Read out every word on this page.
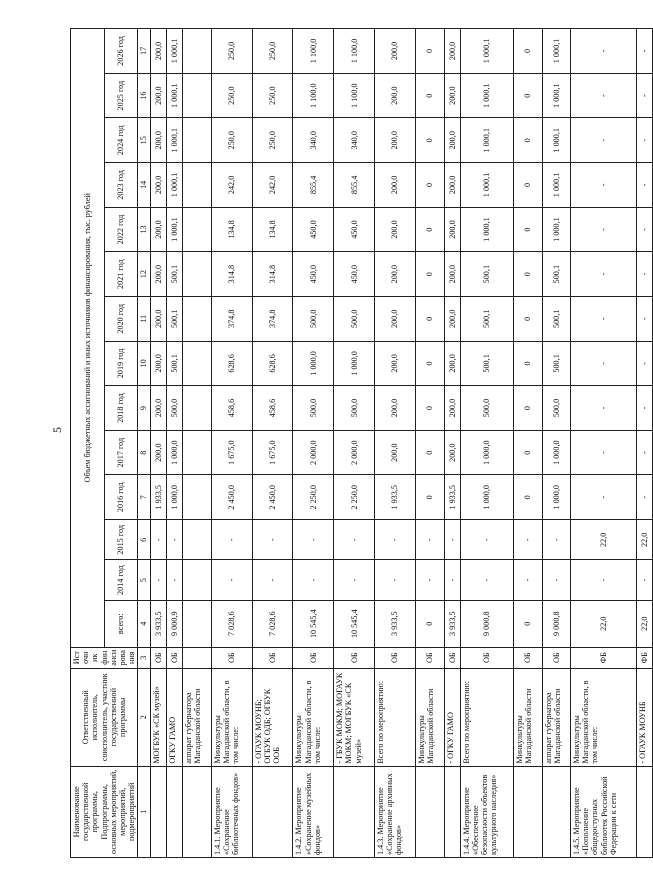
5
Наименование государственной программы, Подпрограммы, основных мероприятий, мероприятий, подмероприятий	Ответственный исполнитель, соисполнитель, участник государственной программы	Источник финансирования	Объем бюджетных ассигнований и иных источников финансирования, тыс. рублей													
			всего:	2014 год	2015 год	2016 год	2017 год	2018 год	2019 год	2020 год	2021 год	2022 год	2023 год	2024 год	2025 год	2026 год
1	2	3	4	5	6	7	8	9	10	11	12	13	14	15	16	17
	МОГБУК «СК музей»	ОБ	3 933,5	-	-	1 933,5	200,0	200,0	200,0	200,0	200,0	200,0	200,0	200,0	200,0	200,0
	ОГКУ ГАМО	ОБ	9 000,9	-	-	1 000,0	1 000,0	500,0	500,1	500,1	500,1	1 000,1	1 000,1	1 000,1	1 000,1	1 000,1
	аппарат губернатора Магаданской области															
1.4.1. Мероприятие «Сохранение библиотечных фондов»	Минкультуры Магаданской области, в том числе:	ОБ	7 028,6	-	-	2 450,0	1 675,0	458,6	628,6	374,8	314,8	134,8	242,0	250,0	250,0	250,0
	- ОГАУК МОУНБ; ОГБУК ОДБ; ОГБУК ООБ	ОБ	7 028,6	-	-	2 450,0	1 675,0	458,6	628,6	374,8	314,8	134,8	242,0	250,0	250,0	250,0
1.4.2. Мероприятие «Сохранение музейных фондов»	Минкультуры Магаданской области, в том числе:	ОБ	10 545,4	-	-	2 250,0	2 000,0	500,0	1 000,0	500,0	450,0	450,0	855,4	340,0	1 100,0	1 100,0
	- ГБУК МОКМ; МОГАУК МОКМ; МОГБУК «СК музей»	ОБ	10 545,4	-	-	2 250,0	2 000,0	500,0	1 000,0	500,0	450,0	450,0	855,4	340,0	1 100,0	1 100,0
1.4.3. Мероприятие «Сохранение архивных фондов»	Всего по мероприятию:	ОБ	3 933,5	-	-	1 933,5	200,0	200,0	200,0	200,0	200,0	200,0	200,0	200,0	200,0	200,0
	Минкультуры Магаданской области	ОБ	0	-	-	0	0	0	0	0	0	0	0	0	0	0
	- ОГКУ ГАМО	ОБ	3 933,5	-	-	1 933,5	200,0	200,0	200,0	200,0	200,0	200,0	200,0	200,0	200,0	200,0
1.4.4. Мероприятие «Обеспечение безопасности объектов культурного наследия»	Всего по мероприятию:	ОБ	9 000,8	-	-	1 000,0	1 000,0	500,0	500,1	500,1	500,1	1 000,1	1 000,1	1 000,1	1 000,1	1 000,1
	Минкультуры Магаданской области	ОБ	0	-	-	0	0	0	0	0	0	0	0	0	0	0
	аппарат губернатора Магаданской области	ОБ	9 000,8	-	-	1 000,0	1 000,0	500,0	500,1	500,1	500,1	1 000,1	1 000,1	1 000,1	1 000,1	1 000,1
1.4.5. Мероприятие «Пополнение общедоступных библиотек Российской Федерации к сети	Минкультуры Магаданской области, в том числе:	ФБ	22,0	-	22,0	-	-	-	-	-	-	-	-	-	-	-
	- ОГАУК МОУНБ	ФБ	22,0	-	22,0	-	-	-	-	-	-	-	-	-	-	-
